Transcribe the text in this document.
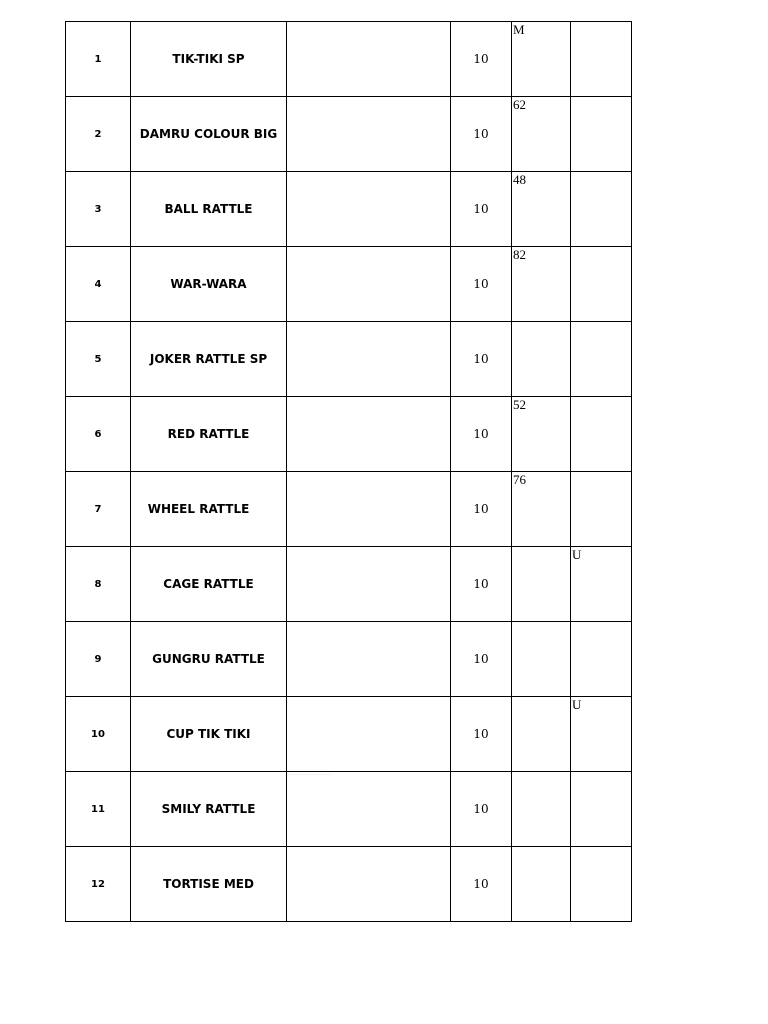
1	TIK-TIKI SP		10	M	

2	DAMRU COLOUR BIG		10	62	

3	BALL RATTLE		10	48	

4	WAR-WARA		10	82	

5	JOKER RATTLE SP		10	

6	RED RATTLE		10	52	

7	WHEEL RATTLE		10	76	

8	CAGE RATTLE		10		U

9	GUNGRU RATTLE		10	

10	CUP TIK TIKI		10		U

11	SMILY RATTLE	··········································	10	

12	TORTISE MED		10	
